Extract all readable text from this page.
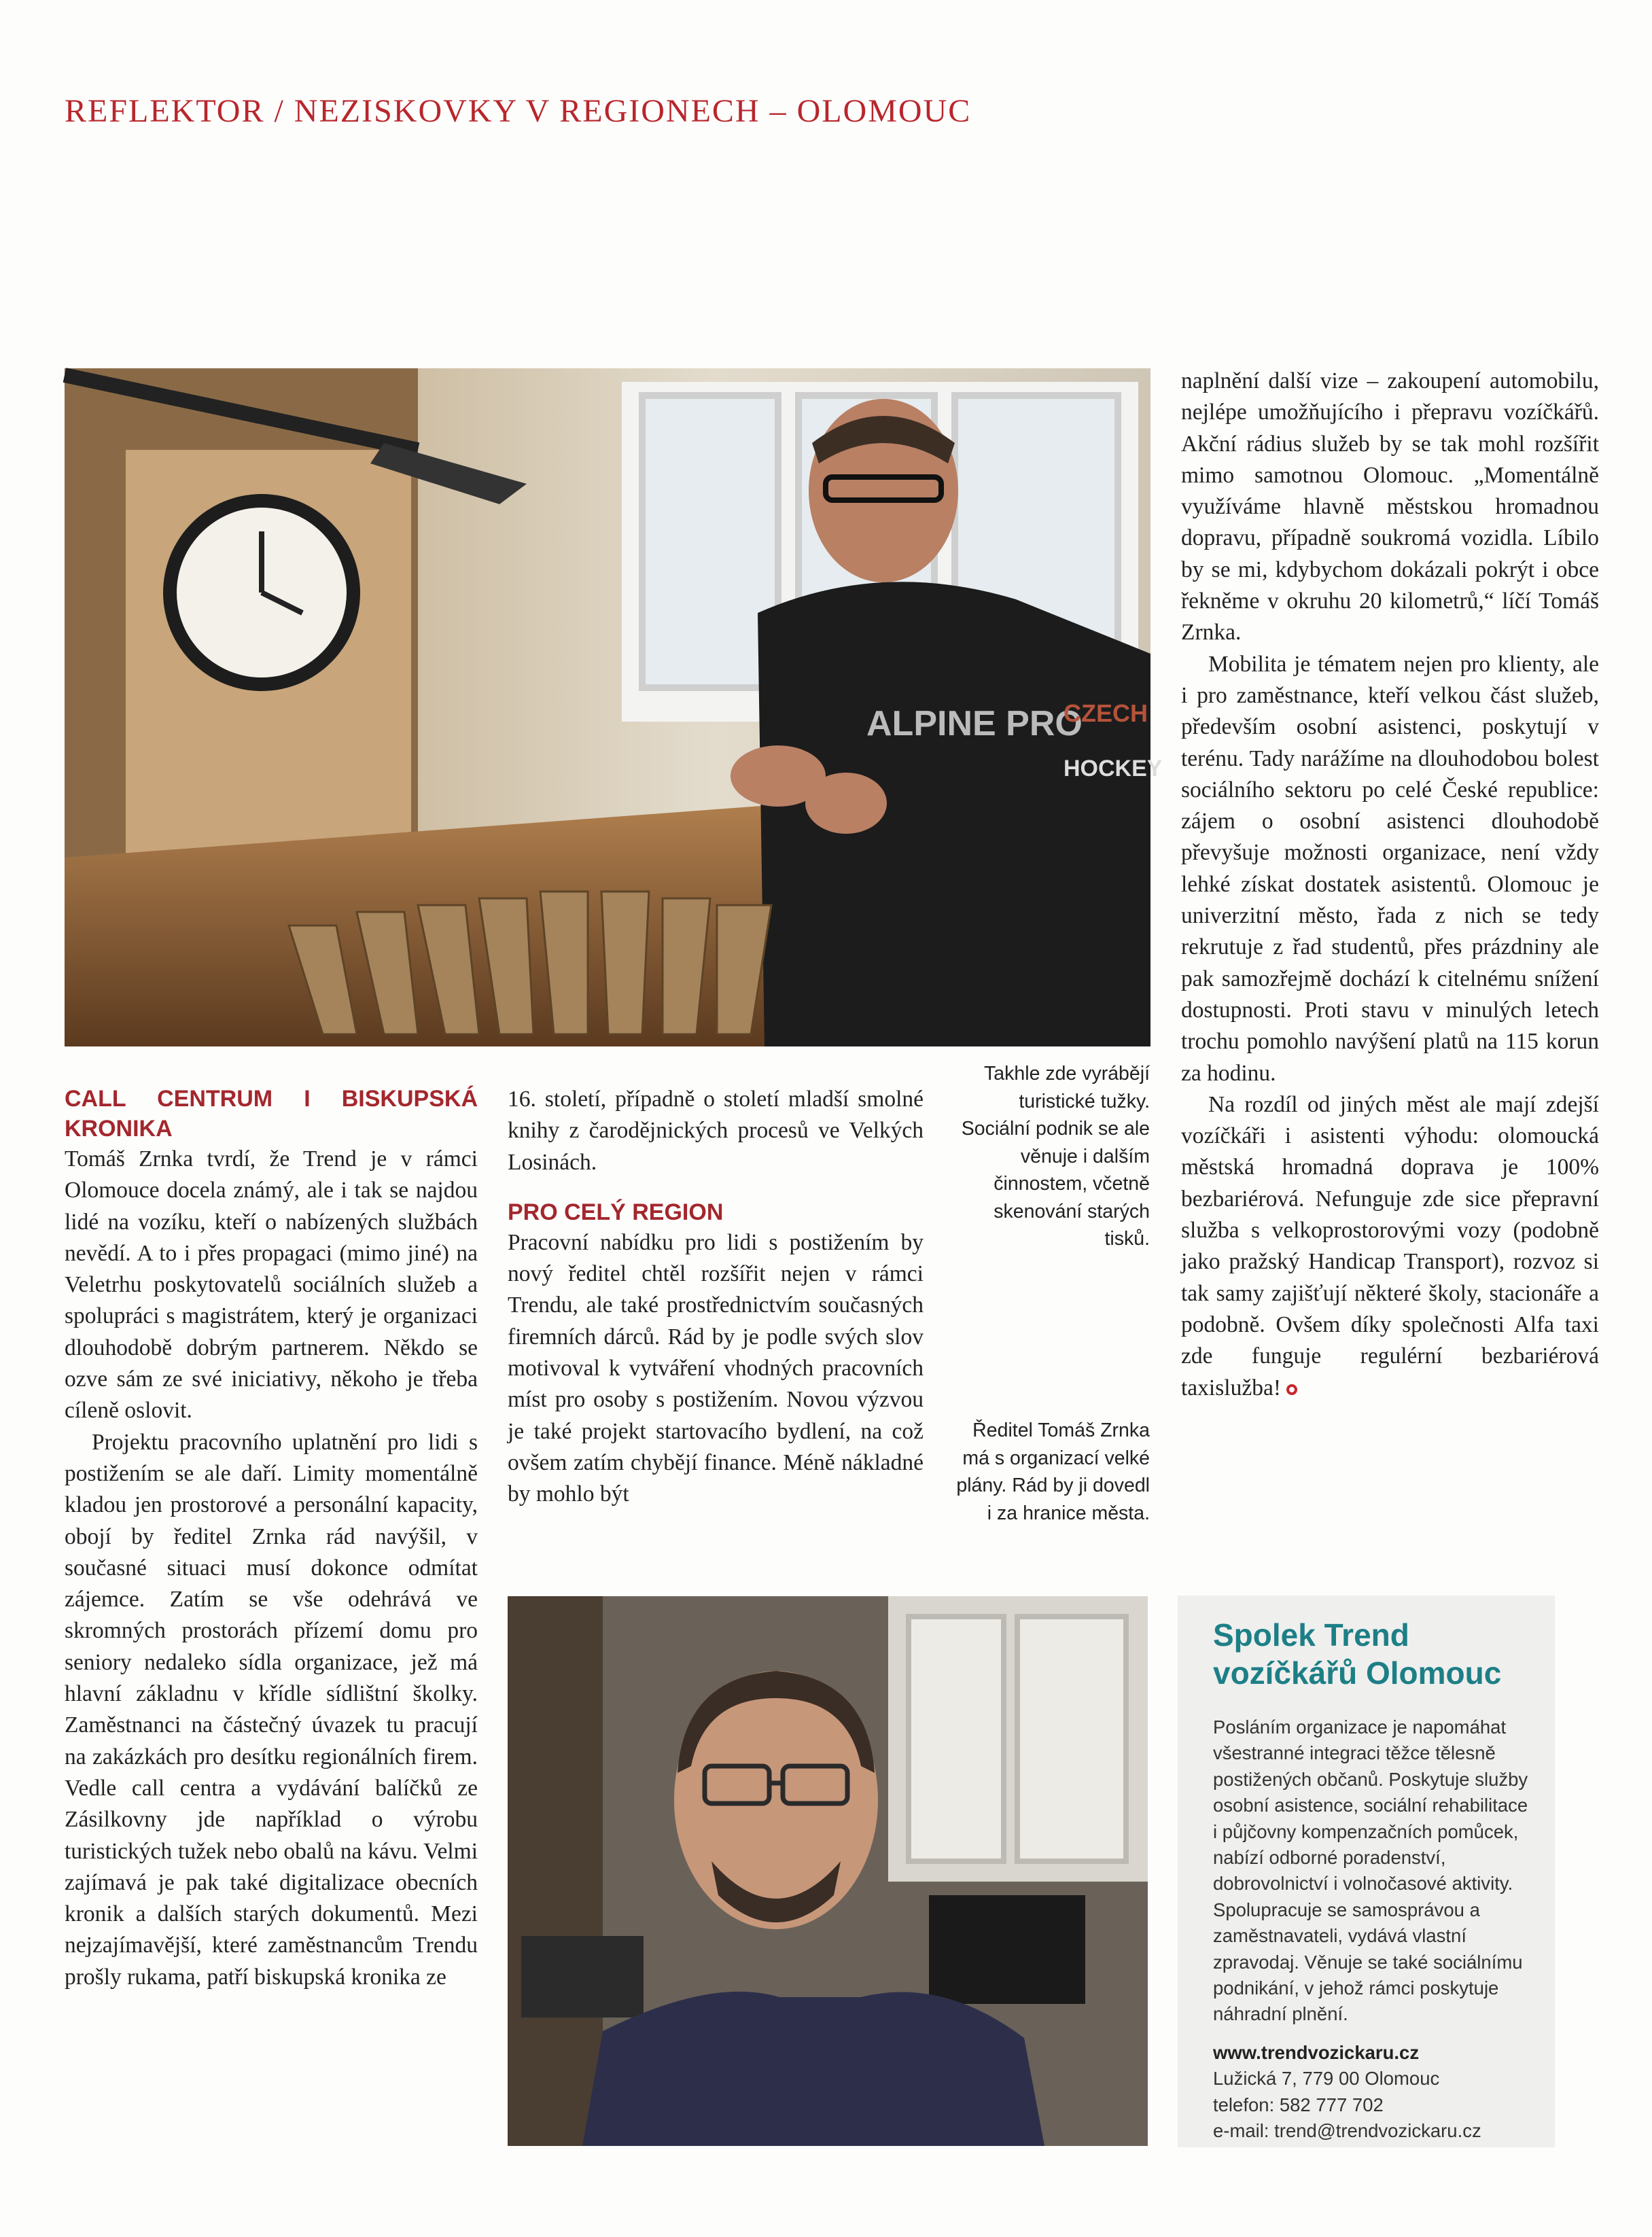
REFLEKTOR / NEZISKOVKY V REGIONECH – OLOMOUC
ALPINE PRO
CZECH
HOCKEY
CALL CENTRUM I BISKUPSKÁ KRONIKA

Tomáš Zrnka tvrdí, že Trend je v rámci Olomouce docela známý, ale i tak se najdou lidé na vozíku, kteří o nabízených službách nevědí. A to i přes propagaci (mimo jiné) na Veletrhu poskytovatelů sociálních služeb a spolupráci s magistrátem, který je organizaci dlouhodobě dobrým partnerem. Někdo se ozve sám ze své iniciativy, někoho je třeba cíleně oslovit.

Projektu pracovního uplatnění pro lidi s postižením se ale daří. Limity momentálně kladou jen prostorové a personální kapacity, obojí by ředitel Zrnka rád navýšil, v současné situaci musí dokonce odmítat zájemce. Zatím se vše odehrává ve skromných prostorách přízemí domu pro seniory nedaleko sídla organizace, jež má hlavní základnu v křídle sídlištní školky. Zaměstnanci na částečný úvazek tu pracují na zakázkách pro desítku regionálních firem. Vedle call centra a vydávání balíčků ze Zásilkovny jde například o výrobu turistických tužek nebo obalů na kávu. Velmi zajímavá je pak také digitalizace obecních kronik a dalších starých dokumentů. Mezi nejzajímavější, které zaměstnancům Trendu prošly rukama, patří biskupská kronika ze

16. století, případně o století mladší smolné knihy z čarodějnických procesů ve Velkých Losinách.

PRO CELÝ REGION

Pracovní nabídku pro lidi s postižením by nový ředitel chtěl rozšířit nejen v rámci Trendu, ale také prostřednictvím současných firemních dárců. Rád by je podle svých slov motivoval k vytváření vhodných pracovních míst pro osoby s postižením. Novou výzvou je také projekt startovacího bydlení, na což ovšem zatím chybějí finance. Méně nákladné by mohlo být

Takhle zde vyrábějí turistické tužky. Sociální podnik se ale věnuje i dalším činnostem, včetně skenování starých tisků.
Ředitel Tomáš Zrnka má s organizací velké plány. Rád by ji dovedl i za hranice města.

naplnění další vize – zakoupení automobilu, nejlépe umožňujícího i přepravu vozíčkářů. Akční rádius služeb by se tak mohl rozšířit mimo samotnou Olomouc. „Momentálně využíváme hlavně městskou hromadnou dopravu, případně soukromá vozidla. Líbilo by se mi, kdybychom dokázali pokrýt i obce řekněme v okruhu 20 kilometrů,“ líčí Tomáš Zrnka.

Mobilita je tématem nejen pro klienty, ale i pro zaměstnance, kteří velkou část služeb, především osobní asistenci, poskytují v terénu. Tady narážíme na dlouhodobou bolest sociálního sektoru po celé České republice: zájem o osobní asistenci dlouhodobě převyšuje možnosti organizace, není vždy lehké získat dostatek asistentů. Olomouc je univerzitní město, řada z nich se tedy rekrutuje z řad studentů, přes prázdniny ale pak samozřejmě dochází k citelnému snížení dostupnosti. Proti stavu v minulých letech trochu pomohlo navýšení platů na 115 korun za hodinu.

Na rozdíl od jiných měst ale mají zdejší vozíčkáři i asistenti výhodu: olomoucká městská hromadná doprava je 100% bezbariérová. Nefunguje zde sice přepravní služba s velkoprostorovými vozy (podobně jako pražský Handicap Transport), rozvoz si tak samy zajišťují některé školy, stacionáře a podobně. Ovšem díky společnosti Alfa taxi zde funguje regulérní bezbariérová taxislužba!

Spolek Trend
vozíčkářů Olomouc

Posláním organizace je napomáhat všestranné integraci těžce tělesně postižených občanů. Poskytuje služby osobní asistence, sociální rehabilitace i půjčovny kompenzačních pomůcek, nabízí odborné poradenství, dobrovolnictví i volnočasové aktivity. Spolupracuje se samosprávou a zaměstnavateli, vydává vlastní zpravodaj. Věnuje se také sociálnímu podnikání, v jehož rámci poskytuje náhradní plnění.

www.trendvozickaru.cz

Lužická 7, 779 00 Olomouc

telefon: 582 777 702

e-mail: trend@trendvozickaru.cz
